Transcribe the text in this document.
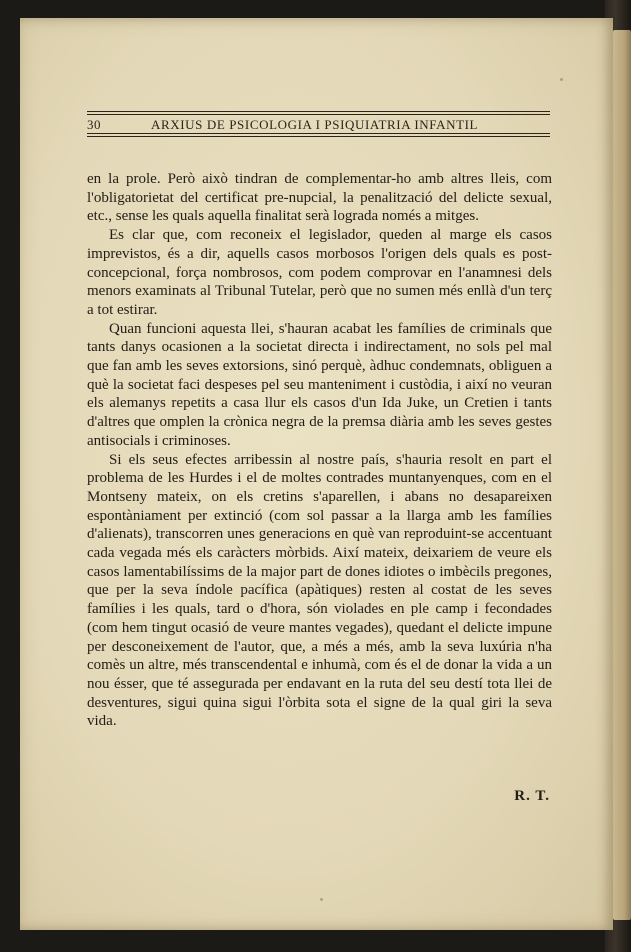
30	ARXIUS DE PSICOLOGIA I PSIQUIATRIA INFANTIL

en la prole. Però això tindran de complementar-ho amb altres lleis, com l'obligatorietat del certificat pre-nupcial, la penalització del delicte sexual, etc., sense les quals aquella finalitat serà lograda només a mitges.

Es clar que, com reconeix el legislador, queden al marge els casos imprevistos, és a dir, aquells casos morbosos l'origen dels quals es post-concepcional, força nombrosos, com podem comprovar en l'anamnesi dels menors examinats al Tribunal Tutelar, però que no sumen més enllà d'un terç a tot estirar.

Quan funcioni aquesta llei, s'hauran acabat les famílies de criminals que tants danys ocasionen a la societat directa i indirectament, no sols pel mal que fan amb les seves extorsions, sinó perquè, àdhuc condemnats, obliguen a què la societat faci despeses pel seu manteniment i custòdia, i així no veuran els alemanys repetits a casa llur els casos d'un Ida Juke, un Cretien i tants d'altres que omplen la crònica negra de la premsa diària amb les seves gestes antisocials i criminoses.

Si els seus efectes arribessin al nostre país, s'hauria resolt en part el problema de les Hurdes i el de moltes contrades muntanyenques, com en el Montseny mateix, on els cretins s'aparellen, i abans no desapareixen espontàniament per extinció (com sol passar a la llarga amb les famílies d'alienats), transcorren unes generacions en què van reproduint-se accentuant cada vegada més els caràcters mòrbids. Així mateix, deixariem de veure els casos lamentabilíssims de la major part de dones idiotes o imbècils pregones, que per la seva índole pacífica (apàtiques) resten al costat de les seves famílies i les quals, tard o d'hora, són violades en ple camp i fecondades (com hem tingut ocasió de veure mantes vegades), quedant el delicte impune per desconeixement de l'autor, que, a més a més, amb la seva luxúria n'ha comès un altre, més transcendental e inhumà, com és el de donar la vida a un nou ésser, que té assegurada per endavant en la ruta del seu destí tota llei de desventures, sigui quina sigui l'òrbita sota el signe de la qual giri la seva vida.

R. T.
